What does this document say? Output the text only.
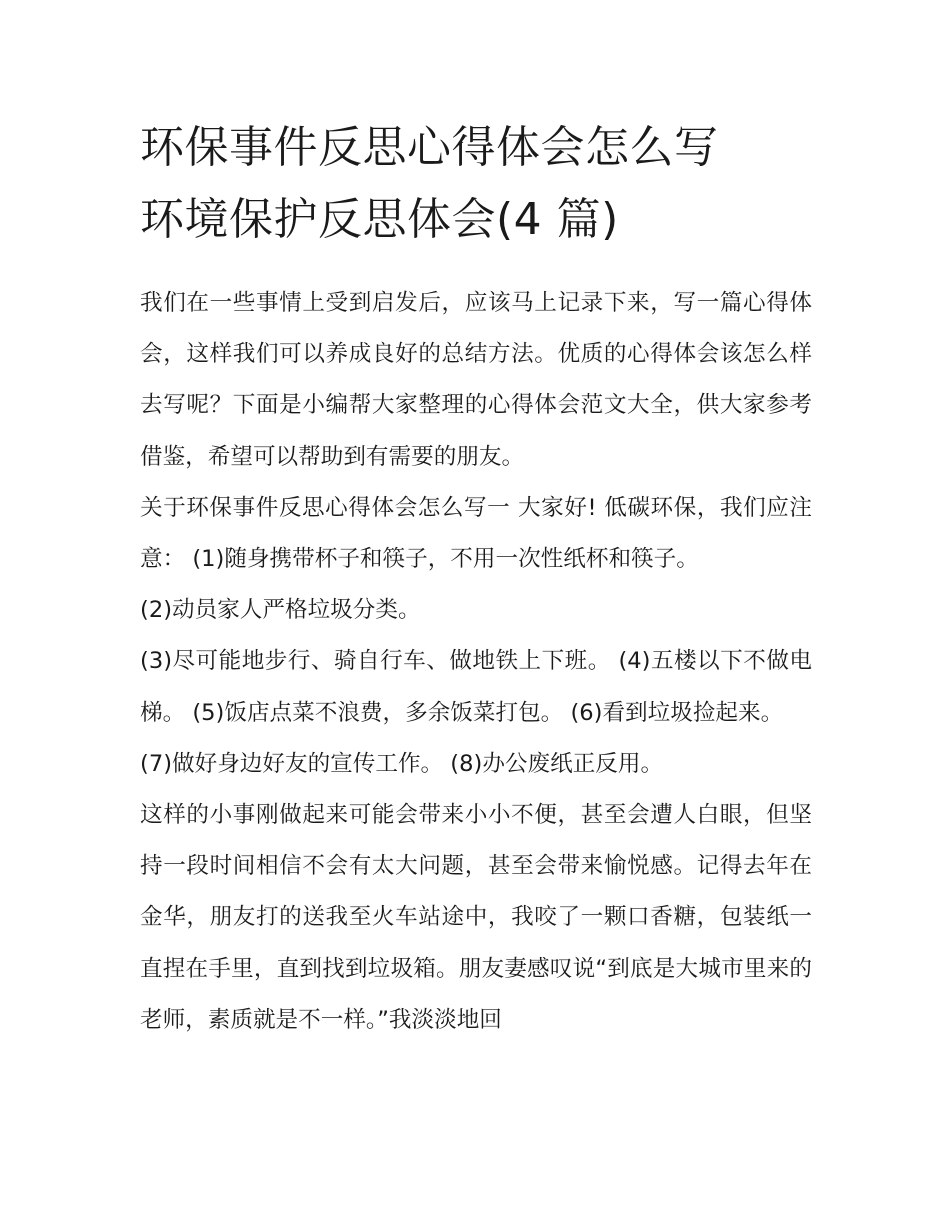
环保事件反思心得体会怎么写
环境保护反思体会(4 篇)

我们在一些事情上受到启发后，应该马上记录下来，写一篇心得体会，这样我们可以养成良好的总结方法。优质的心得体会该怎么样去写呢？下面是小编帮大家整理的心得体会范文大全，供大家参考借鉴，希望可以帮助到有需要的朋友。

关于环保事件反思心得体会怎么写一 大家好! 低碳环保，我们应注意： (1)随身携带杯子和筷子，不用一次性纸杯和筷子。

(2)动员家人严格垃圾分类。

(3)尽可能地步行、骑自行车、做地铁上下班。 (4)五楼以下不做电梯。 (5)饭店点菜不浪费，多余饭菜打包。 (6)看到垃圾捡起来。

(7)做好身边好友的宣传工作。 (8)办公废纸正反用。

这样的小事刚做起来可能会带来小小不便，甚至会遭人白眼，但坚持一段时间相信不会有太大问题，甚至会带来愉悦感。记得去年在金华，朋友打的送我至火车站途中，我咬了一颗口香糖，包装纸一直捏在手里，直到找到垃圾箱。朋友妻感叹说“到底是大城市里来的老师，素质就是不一样。”我淡淡地回
